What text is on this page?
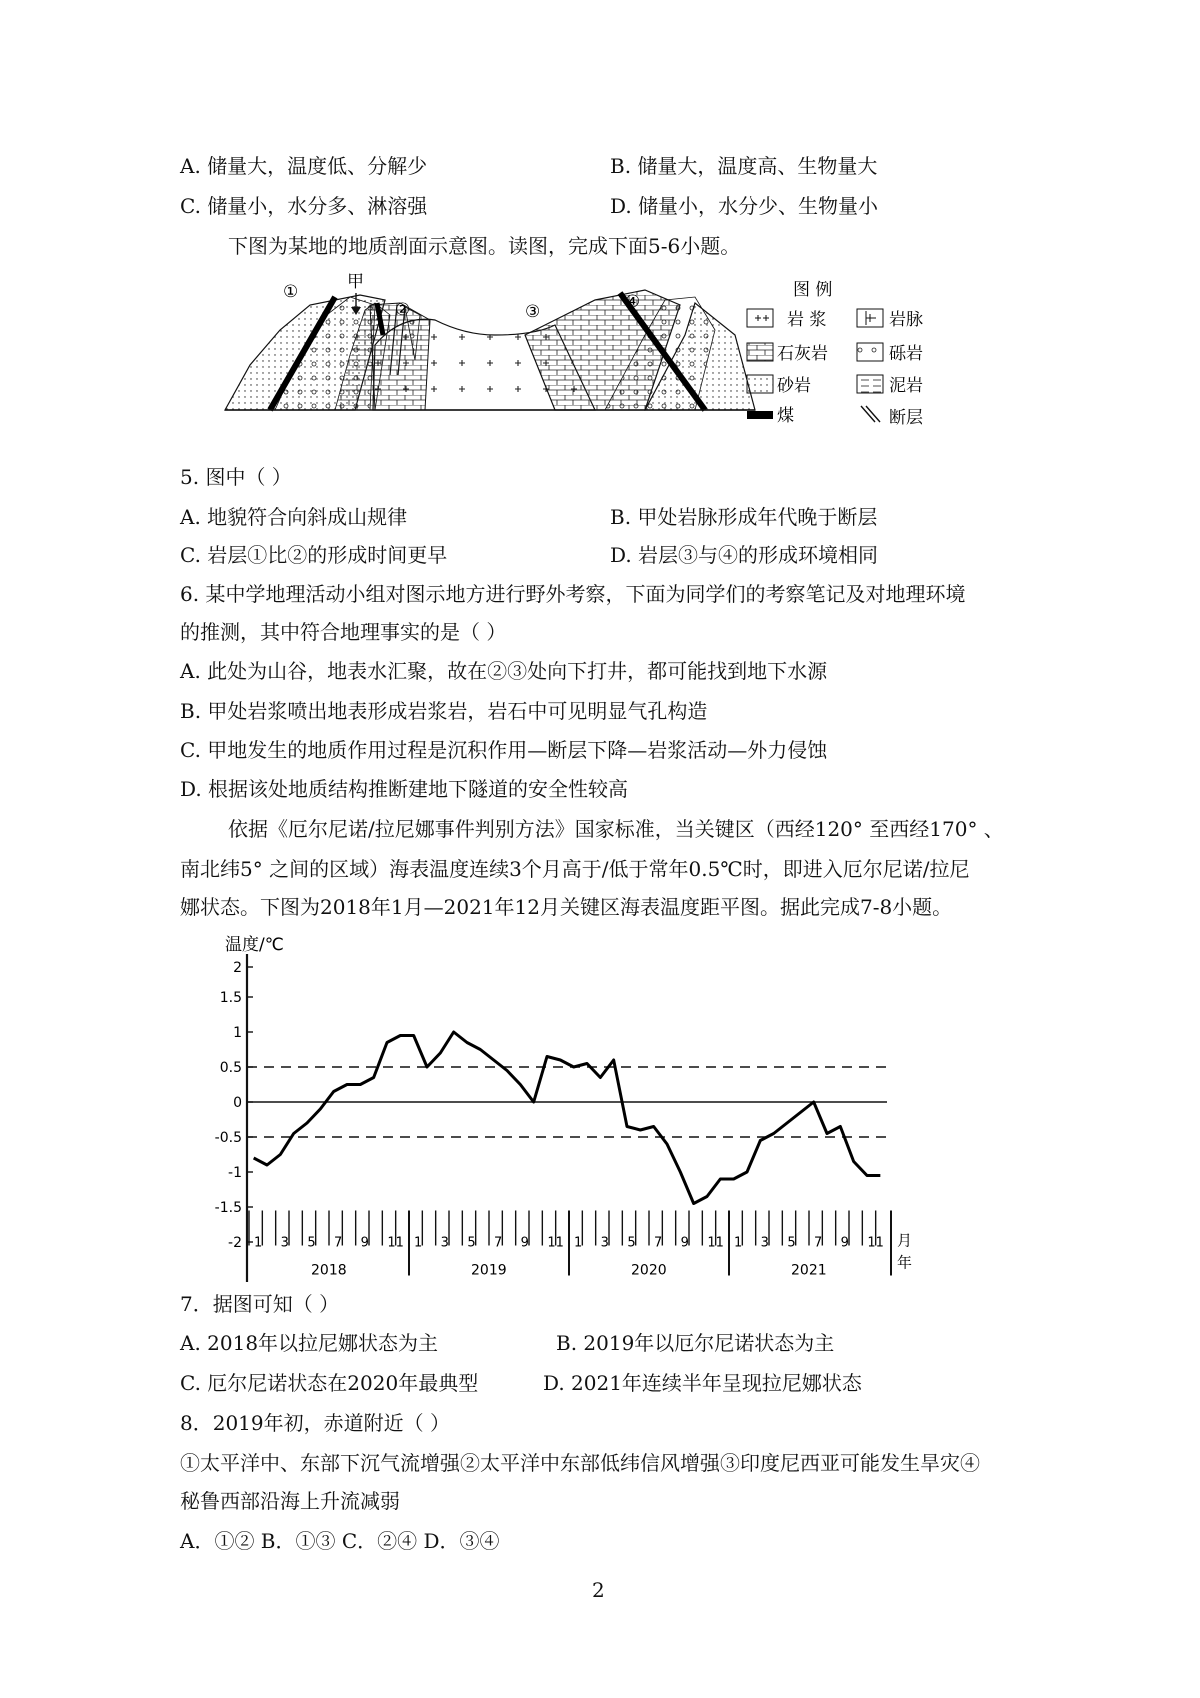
A. 储量大，温度低、分解少	B. 储量大，温度高、生物量大
C. 储量小，水分多、淋溶强	D. 储量小，水分少、生物量小
下图为某地的地质剖面示意图。读图，完成下面5-6小题。
①	甲
②	③	④
图 例
岩 浆	岩脉
石灰岩	砾岩
砂岩	泥岩
煤	断层
5. 图中（ ）
A. 地貌符合向斜成山规律	B. 甲处岩脉形成年代晚于断层
C. 岩层①比②的形成时间更早	D. 岩层③与④的形成环境相同
6. 某中学地理活动小组对图示地方进行野外考察，下面为同学们的考察笔记及对地理环境
的推测，其中符合地理事实的是（ ）
A. 此处为山谷，地表水汇聚，故在②③处向下打井，都可能找到地下水源
B. 甲处岩浆喷出地表形成岩浆岩，岩石中可见明显气孔构造
C. 甲地发生的地质作用过程是沉积作用—断层下降—岩浆活动—外力侵蚀
D. 根据该处地质结构推断建地下隧道的安全性较高
依据《厄尔尼诺/拉尼娜事件判别方法》国家标准，当关键区（西经120° 至西经170° 、
南北纬5° 之间的区域）海表温度连续3个月高于/低于常年0.5℃时，即进入厄尔尼诺/拉尼
娜状态。下图为2018年1月—2021年12月关键区海表温度距平图。据此完成7-8小题。
温度/℃
2
1.5
1
0.5
0
-0.5
-1
-1.5
-2 1 3 5 7 9 11 1 3 5 7 9 11 1 3 5 7 9 11 1 3 5 7 9 11
2018	2019	2020	2021
月
年
7．据图可知（ ）
A. 2018年以拉尼娜状态为主	B. 2019年以厄尔尼诺状态为主
C. 厄尔尼诺状态在2020年最典型	D. 2021年连续半年呈现拉尼娜状态
8．2019年初，赤道附近（ ）
①太平洋中、东部下沉气流增强②太平洋中东部低纬信风增强③印度尼西亚可能发生旱灾④
秘鲁西部沿海上升流减弱
A．①② B．①③ C．②④ D．③④
2
